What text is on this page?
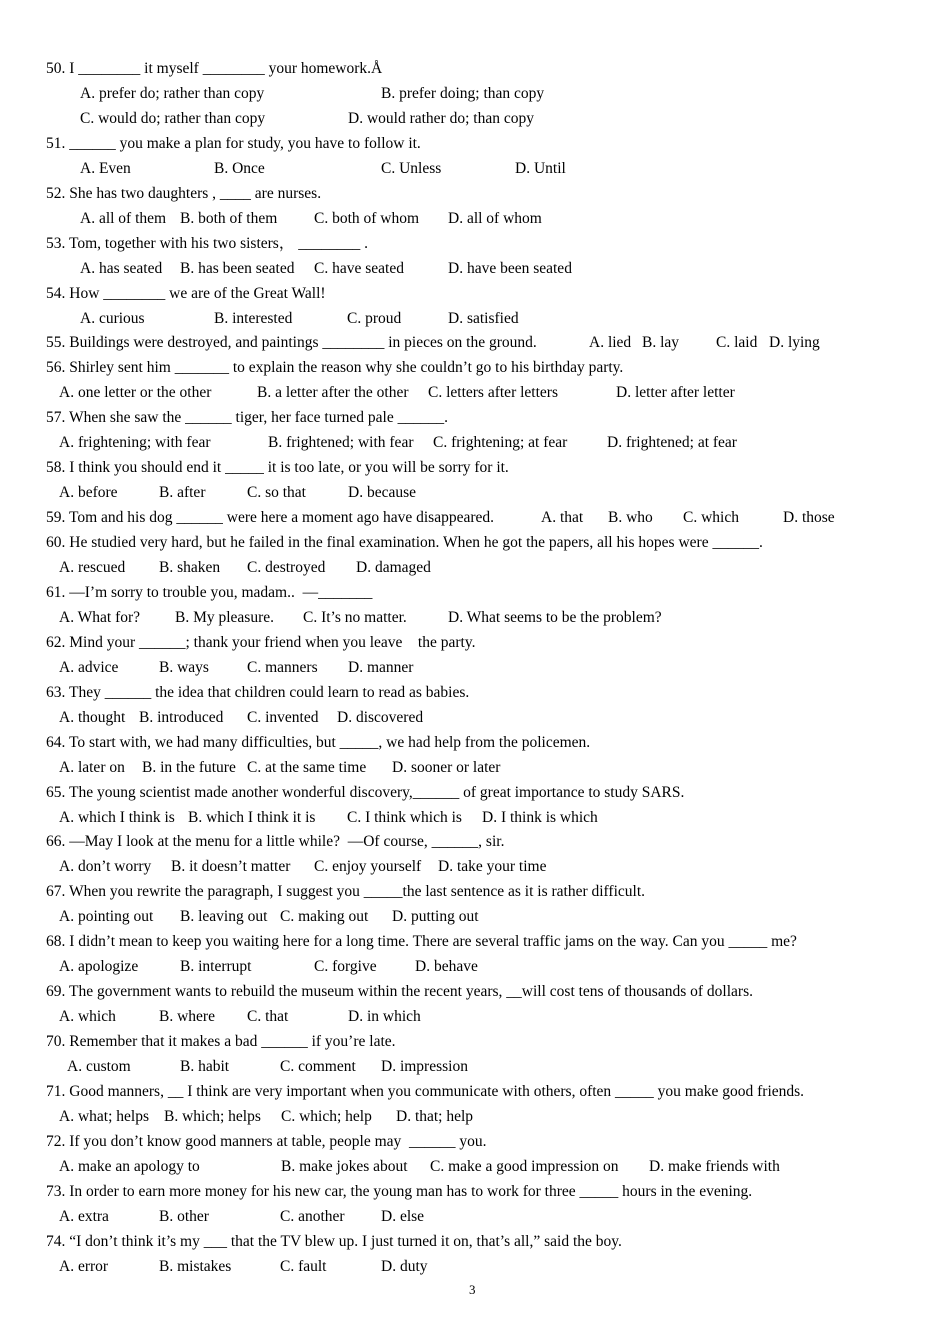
50. I ________ it myself ________ your homework.Å
A. prefer do; rather than copy	B. prefer doing; than copy
C. would do; rather than copy	D. would rather do; than copy
51. ______ you make a plan for study, you have to follow it.
A. Even	B. Once	C. Unless	D. Until
52. She has two daughters , ____ are nurses.
A. all of them B. both of them C. both of whom D. all of whom
53. Tom, together with his two sisters， ________ .
A. has seated B. has been seated C. have seated	D. have been seated
54. How ________ we are of the Great Wall!
A. curious	B. interested	C. proud	D. satisfied
55. Buildings were destroyed, and paintings ________ in pieces on the ground.	A. lied B. lay C. laid D. lying
56. Shirley sent him _______ to explain the reason why she couldn’t go to his birthday party.
A. one letter or the other	B. a letter after the other C. letters after letters	D. letter after letter
57. When she saw the ______ tiger, her face turned pale ______.
A. frightening; with fear	B. frightened; with fear C. frightening; at fear	D. frightened; at fear
58. I think you should end it _____ it is too late, or you will be sorry for it.
A. before	B. after	C. so that	D. because
59. Tom and his dog ______ were here a moment ago have disappeared.	A. that B. who C. which	D. those
60. He studied very hard, but he failed in the final examination. When he got the papers, all his hopes were ______.
A. rescued B. shaken C. destroyed D. damaged
61. —I’m sorry to trouble you, madam..  —_______
A. What for? B. My pleasure. C. It’s no matter.	D. What seems to be the problem?
62. Mind your ______; thank your friend when you leave    the party.
A. advice	B. ways C. manners D. manner
63. They ______ the idea that children could learn to read as babies.
A. thought B. introduced C. invented D. discovered
64. To start with, we had many difficulties, but _____, we had help from the policemen.
A. later on B. in the future C. at the same time D. sooner or later
65. The young scientist made another wonderful discovery,______ of great importance to study SARS.
A. which I think is B. which I think it is C. I think which is D. I think is which
66. —May I look at the menu for a little while?  —Of course, ______, sir.
A. don’t worry B. it doesn’t matter C. enjoy yourself D. take your time
67. When you rewrite the paragraph, I suggest you _____the last sentence as it is rather difficult.
A. pointing out B. leaving out C. making out D. putting out
68. I didn’t mean to keep you waiting here for a long time. There are several traffic jams on the way. Can you _____ me?
A. apologize	B. interrupt	C. forgive D. behave
69. The government wants to rebuild the museum within the recent years, __will cost tens of thousands of dollars.
A. which	B. where C. that	D. in which
70. Remember that it makes a bad ______ if you’re late.
A. custom	B. habit	C. comment D. impression
71. Good manners, __ I think are very important when you communicate with others, often _____ you make good friends.
A. what; helps B. which; helps C. which; help D. that; help
72. If you don’t know good manners at table, people may  ______ you.
A. make an apology to	B. make jokes about C. make a good impression on D. make friends with
73. In order to earn more money for his new car, the young man has to work for three _____ hours in the evening.
A. extra	B. other	C. another D. else
74. “I don’t think it’s my ___ that the TV blew up. I just turned it on, that’s all,” said the boy.
A. error	B. mistakes	C. fault	D. duty
3
